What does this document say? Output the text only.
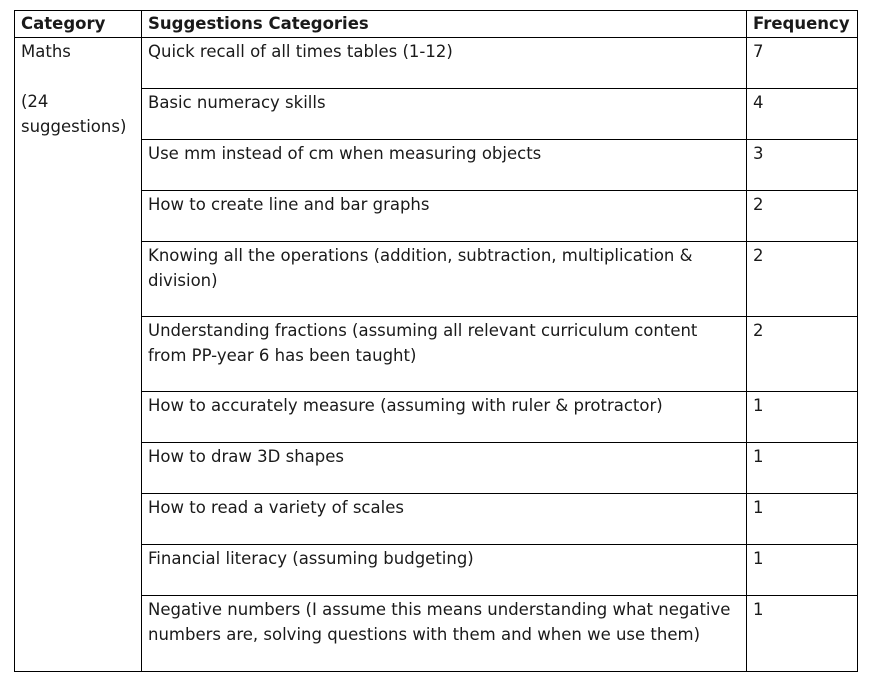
Category	Suggestions Categories	Frequency

Maths
(24 suggestions)	Quick recall of all times tables (1-12)	7
	Basic numeracy skills	4
	Use mm instead of cm when measuring objects	3
	How to create line and bar graphs	2
	Knowing all the operations (addition, subtraction, multiplication & division)	2
	Understanding fractions (assuming all relevant curriculum content from PP-year 6 has been taught)	2
	How to accurately measure (assuming with ruler & protractor)	1
	How to draw 3D shapes	1
	How to read a variety of scales	1
	Financial literacy (assuming budgeting)	1
	Negative numbers (I assume this means understanding what negative numbers are, solving questions with them and when we use them)	1
